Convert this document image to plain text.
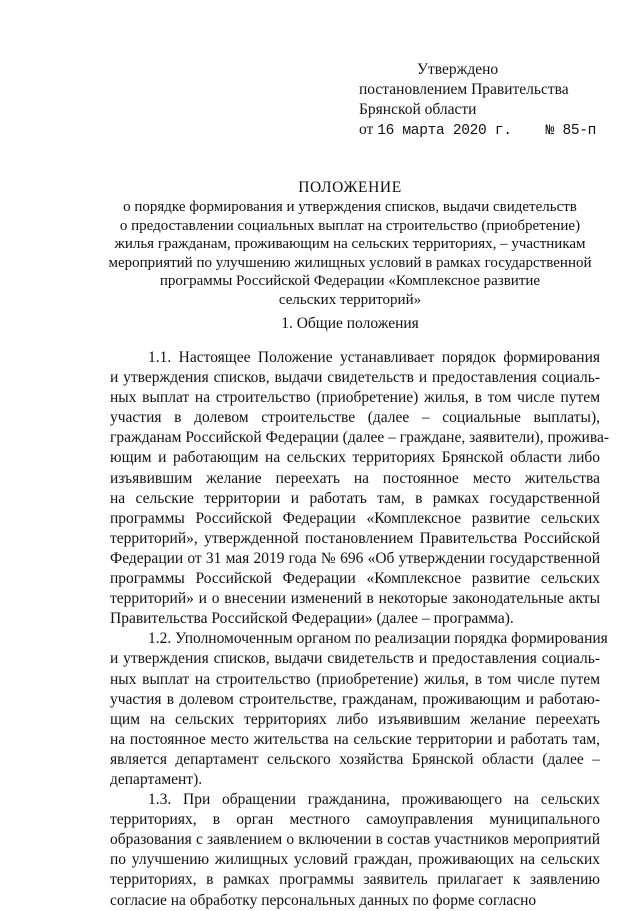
Утверждено
постановлением Правительства
Брянской области
от 16 марта 2020 г. № 85-п
ПОЛОЖЕНИЕ
о порядке формирования и утверждения списков, выдачи свидетельств
о предоставлении социальных выплат на строительство (приобретение)
жилья гражданам, проживающим на сельских территориях, – участникам
мероприятий по улучшению жилищных условий в рамках государственной
программы Российской Федерации «Комплексное развитие
сельских территорий»
1. Общие положения
1.1. Настоящее Положение устанавливает порядок формирования
и утверждения списков, выдачи свидетельств и предоставления социаль-
ных выплат на строительство (приобретение) жилья, в том числе путем
участия в долевом строительстве (далее – социальные выплаты),
гражданам Российской Федерации (далее – граждане, заявители), прожива-
ющим и работающим на сельских территориях Брянской области либо
изъявившим желание переехать на постоянное место жительства
на сельские территории и работать там, в рамках государственной
программы Российской Федерации «Комплексное развитие сельских
территорий», утвержденной постановлением Правительства Российской
Федерации от 31 мая 2019 года № 696 «Об утверждении государственной
программы Российской Федерации «Комплексное развитие сельских
территорий» и о внесении изменений в некоторые законодательные акты
Правительства Российской Федерации» (далее – программа).
1.2. Уполномоченным органом по реализации порядка формирования
и утверждения списков, выдачи свидетельств и предоставления социаль-
ных выплат на строительство (приобретение) жилья, в том числе путем
участия в долевом строительстве, гражданам, проживающим и работаю-
щим на сельских территориях либо изъявившим желание переехать
на постоянное место жительства на сельские территории и работать там,
является департамент сельского хозяйства Брянской области (далее –
департамент).
1.3. При обращении гражданина, проживающего на сельских
территориях, в орган местного самоуправления муниципального
образования с заявлением о включении в состав участников мероприятий
по улучшению жилищных условий граждан, проживающих на сельских
территориях, в рамках программы заявитель прилагает к заявлению
согласие на обработку персональных данных по форме согласно
